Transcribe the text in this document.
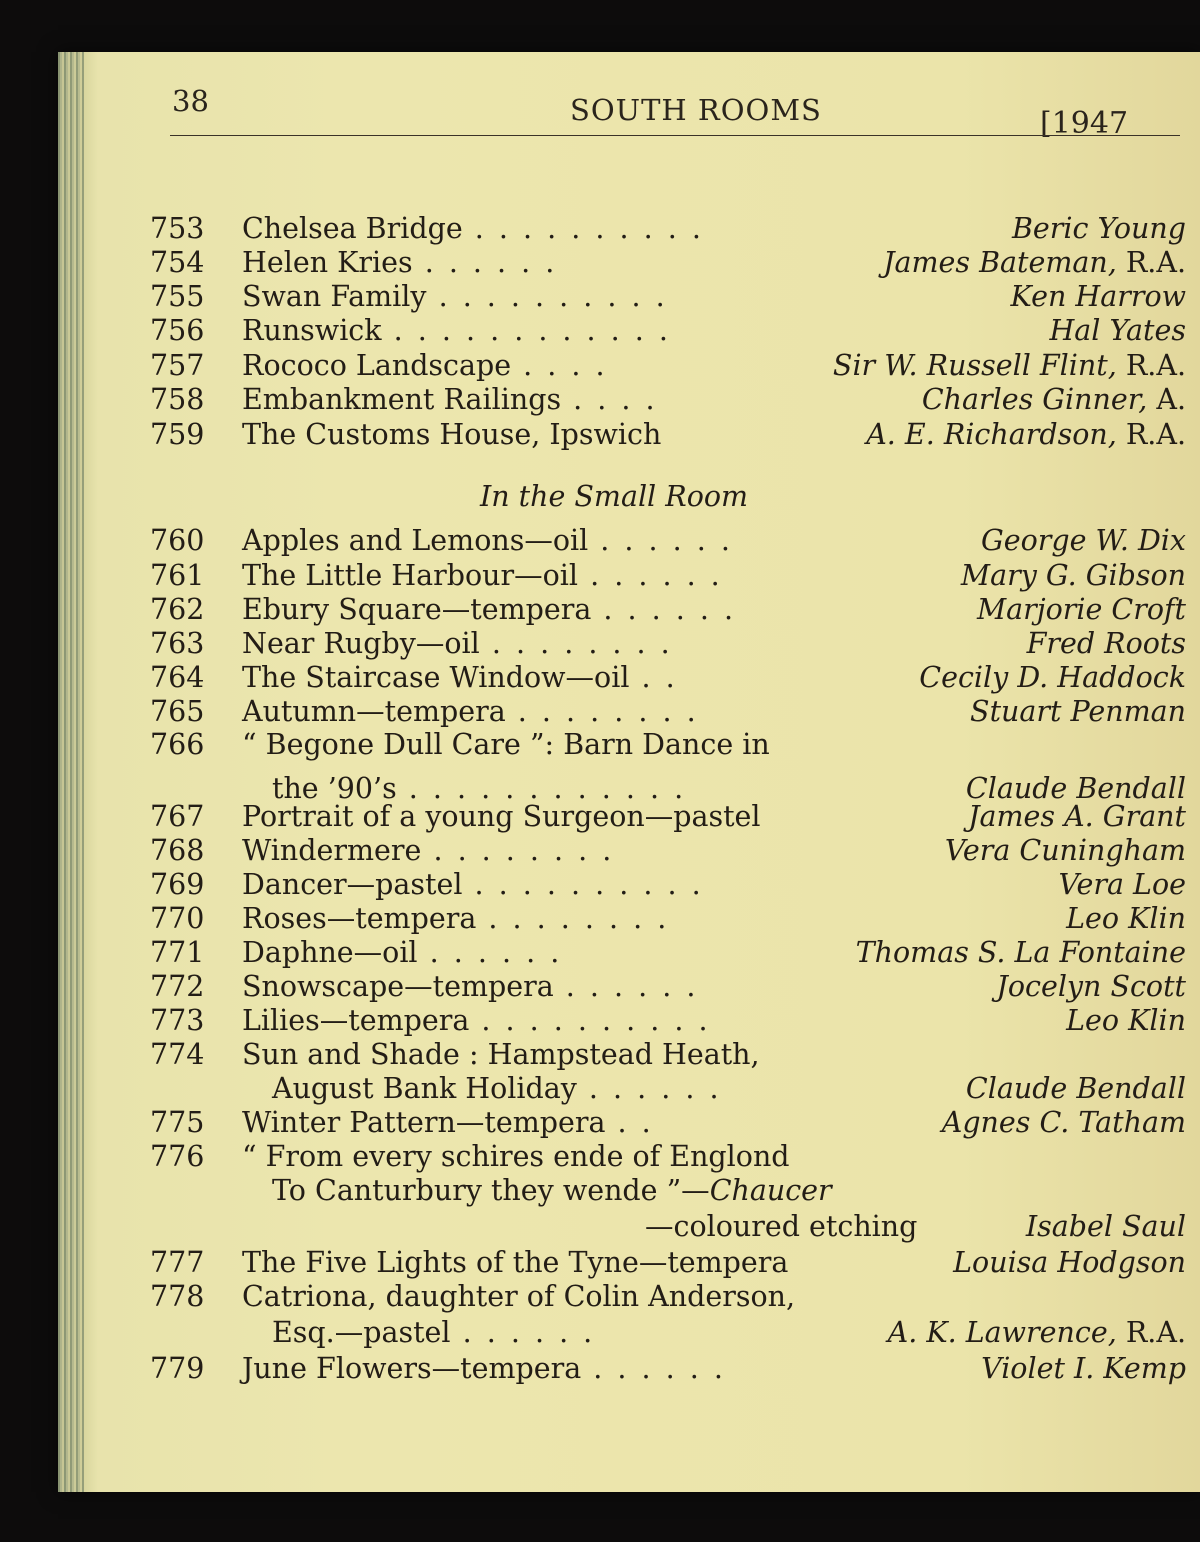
38	SOUTH ROOMS	[1947
In the Small Room
753	Chelsea Bridge . . . . . . . . . .	Beric Young
754	Helen Kries . . . . . .	James Bateman, R.A.
755	Swan Family . . . . . . . . . .	Ken Harrow
756	Runswick . . . . . . . . . . . .	Hal Yates
757	Rococo Landscape . . . .	Sir W. Russell Flint, R.A.
758	Embankment Railings . . . .	Charles Ginner, A.
759	The Customs House, Ipswich	A. E. Richardson, R.A.
760	Apples and Lemons—oil . . . . . .	George W. Dix
761	The Little Harbour—oil . . . . . .	Mary G. Gibson
762	Ebury Square—tempera . . . . . .	Marjorie Croft
763	Near Rugby—oil . . . . . . . .	Fred Roots
764	The Staircase Window—oil . .	Cecily D. Haddock
765	Autumn—tempera . . . . . . . .	Stuart Penman
766	“ Begone Dull Care ”: Barn Dance in
the ’90’s . . . . . . . . . . . .	Claude Bendall
767	Portrait of a young Surgeon—pastel	James A. Grant
768	Windermere . . . . . . . .	Vera Cuningham
769	Dancer—pastel . . . . . . . . . .	Vera Loe
770	Roses—tempera . . . . . . . .	Leo Klin
771	Daphne—oil . . . . . .	Thomas S. La Fontaine
772	Snowscape—tempera . . . . . .	Jocelyn Scott
773	Lilies—tempera . . . . . . . . . .	Leo Klin
774	Sun and Shade : Hampstead Heath,
August Bank Holiday . . . . . .	Claude Bendall
775	Winter Pattern—tempera . .	Agnes C. Tatham
776	“ From every schires ende of Englond
To Canturbury they wende ”—Chaucer
—coloured etching	Isabel Saul
777	The Five Lights of the Tyne—tempera	Louisa Hodgson
778	Catriona, daughter of Colin Anderson,
Esq.—pastel . . . . . .	A. K. Lawrence, R.A.
779	June Flowers—tempera . . . . . .	Violet I. Kemp
